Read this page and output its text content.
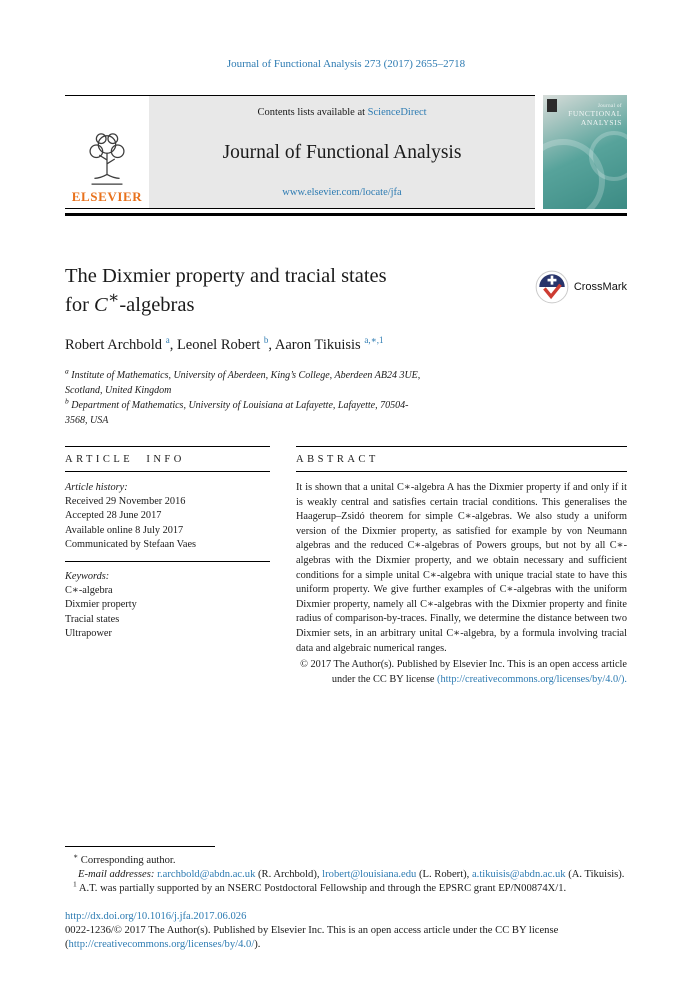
Journal of Functional Analysis 273 (2017) 2655–2718
ELSEVIER
Contents lists available at ScienceDirect
Journal of Functional Analysis
www.elsevier.com/locate/jfa
Journal of
FUNCTIONAL
ANALYSIS
The Dixmier property and tracial states
for C∗-algebras
CrossMark
Robert Archbold $^a$, Leonel Robert $^b$, Aaron Tikuisis $^{a,∗,1}$
$^a$ Institute of Mathematics, University of Aberdeen, King’s College, Aberdeen AB24 3UE, Scotland, United Kingdom
$^b$ Department of Mathematics, University of Louisiana at Lafayette, Lafayette, 70504-3568, USA
ARTICLE INFO
Article history:
Received 29 November 2016
Accepted 28 June 2017
Available online 8 July 2017
Communicated by Stefaan Vaes
Keywords:
C∗-algebra
Dixmier property
Tracial states
Ultrapower
ABSTRACT

It is shown that a unital C∗-algebra A has the Dixmier property if and only if it is weakly central and satisfies certain tracial conditions. This generalises the Haagerup–Zsidó theorem for simple C∗-algebras. We also study a uniform version of the Dixmier property, as satisfied for example by von Neumann algebras and the reduced C∗-algebras of Powers groups, but not by all C∗-algebras with the Dixmier property, and we obtain necessary and sufficient conditions for a simple unital C∗-algebra with unique tracial state to have this uniform property. We give further examples of C∗-algebras with the uniform Dixmier property, namely all C∗-algebras with the Dixmier property and finite radius of comparison-by-traces. Finally, we determine the distance between two Dixmier sets, in an arbitrary unital C∗-algebra, by a formula involving tracial data and algebraic numerical ranges.

© 2017 The Author(s). Published by Elsevier Inc. This is an open access article under the CC BY license (http://creativecommons.org/licenses/by/4.0/).

∗ Corresponding author.

E-mail addresses: r.archbold@abdn.ac.uk (R. Archbold), lrobert@louisiana.edu (L. Robert), a.tikuisis@abdn.ac.uk (A. Tikuisis).

$^1$ A.T. was partially supported by an NSERC Postdoctoral Fellowship and through the EPSRC grant EP/N00874X/1.

http://dx.doi.org/10.1016/j.jfa.2017.06.026

0022-1236/© 2017 The Author(s). Published by Elsevier Inc. This is an open access article under the CC BY license (http://creativecommons.org/licenses/by/4.0/).
